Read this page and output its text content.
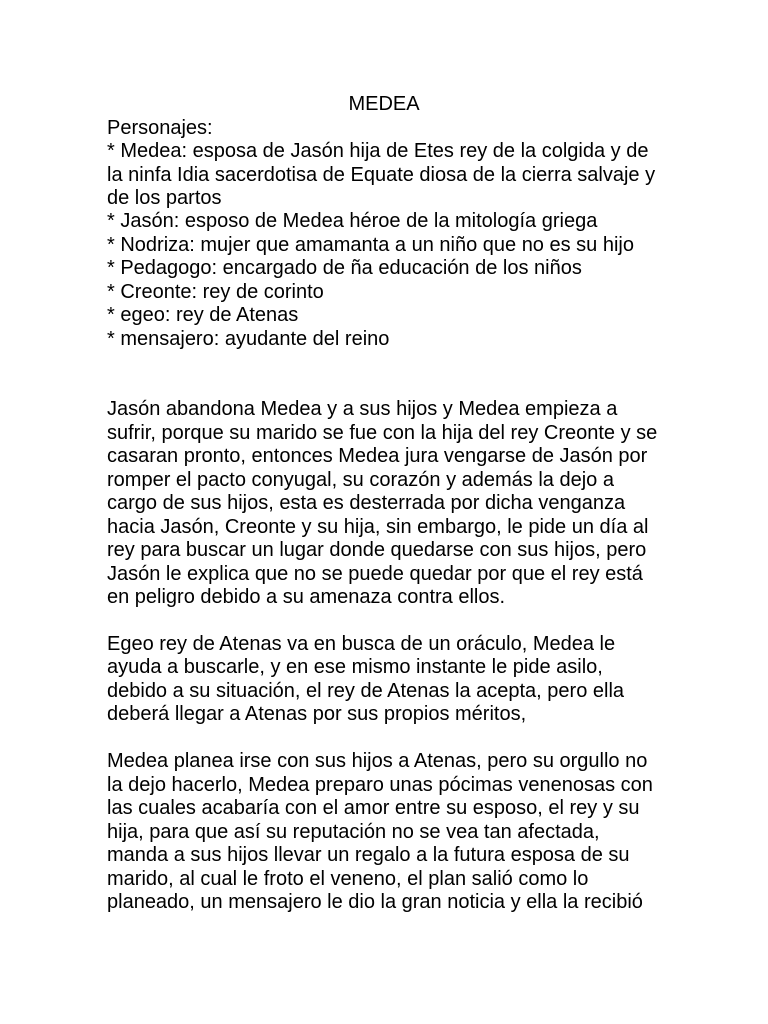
MEDEA

Personajes:

* Medea: esposa de Jasón hija de Etes rey de la colgida y de

la ninfa Idia sacerdotisa de Equate diosa de la cierra salvaje y

de los partos

* Jasón: esposo de Medea héroe de la mitología griega

* Nodriza: mujer que amamanta a un niño que no es su hijo

* Pedagogo: encargado de ña educación de los niños

* Creonte: rey de corinto

* egeo: rey de Atenas

* mensajero: ayudante del reino

Jasón abandona Medea y a sus hijos y Medea empieza a

sufrir, porque su marido se fue con la hija del rey Creonte y se

casaran pronto, entonces Medea jura vengarse de Jasón por

romper el pacto conyugal, su corazón y además la dejo a

cargo de sus hijos, esta es desterrada por dicha venganza

hacia Jasón, Creonte y su hija, sin embargo, le pide un día al

rey para buscar un lugar donde quedarse con sus hijos, pero

Jasón le explica que no se puede quedar por que el rey está

en peligro debido a su amenaza contra ellos.

Egeo rey de Atenas va en busca de un oráculo, Medea le

ayuda a buscarle, y en ese mismo instante le pide asilo,

debido a su situación, el rey de Atenas la acepta, pero ella

deberá llegar a Atenas por sus propios méritos,

Medea planea irse con sus hijos a Atenas, pero su orgullo no

la dejo hacerlo, Medea preparo unas pócimas venenosas con

las cuales acabaría con el amor entre su esposo, el rey y su

hija, para que así su reputación no se vea tan afectada,

manda a sus hijos llevar un regalo a la futura esposa de su

marido, al cual le froto el veneno, el plan salió como lo

planeado, un mensajero le dio la gran noticia y ella la recibió
